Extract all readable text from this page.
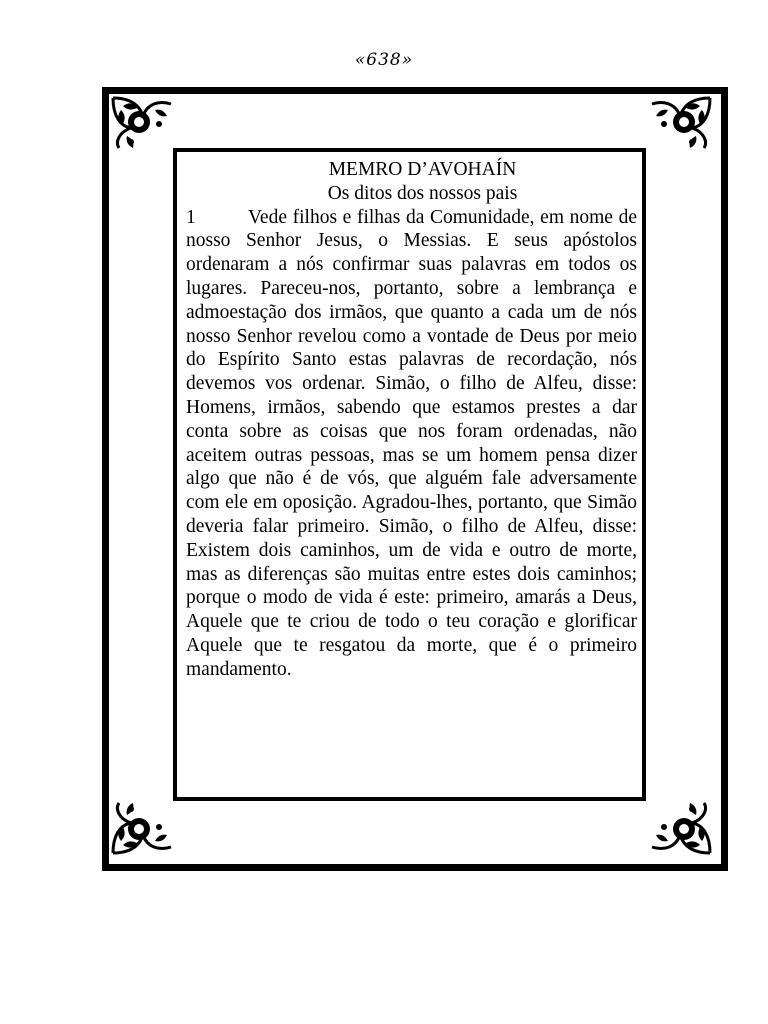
«638»

MEMRO D’AVOHAÍN

Os ditos dos nossos pais

1	Vede filhos e filhas da Comunidade, em nome de nosso Senhor Jesus, o Messias. E seus apóstolos ordenaram a nós confirmar suas palavras em todos os lugares. Pareceu-nos, portanto, sobre a lembrança e admoestação dos irmãos, que quanto a cada um de nós nosso Senhor revelou como a vontade de Deus por meio do Espírito Santo estas palavras de recordação, nós devemos vos ordenar. Simão, o filho de Alfeu, disse: Homens, irmãos, sabendo que estamos prestes a dar conta sobre as coisas que nos foram ordenadas, não aceitem outras pessoas, mas se um homem pensa dizer algo que não é de vós, que alguém fale adversamente com ele em oposição. Agradou-lhes, portanto, que Simão deveria falar primeiro. Simão, o filho de Alfeu, disse: Existem dois caminhos, um de vida e outro de morte, mas as diferenças são muitas entre estes dois caminhos; porque o modo de vida é este: primeiro, amarás a Deus, Aquele que te criou de todo o teu coração e glorificar Aquele que te resgatou da morte, que é o primeiro mandamento.
